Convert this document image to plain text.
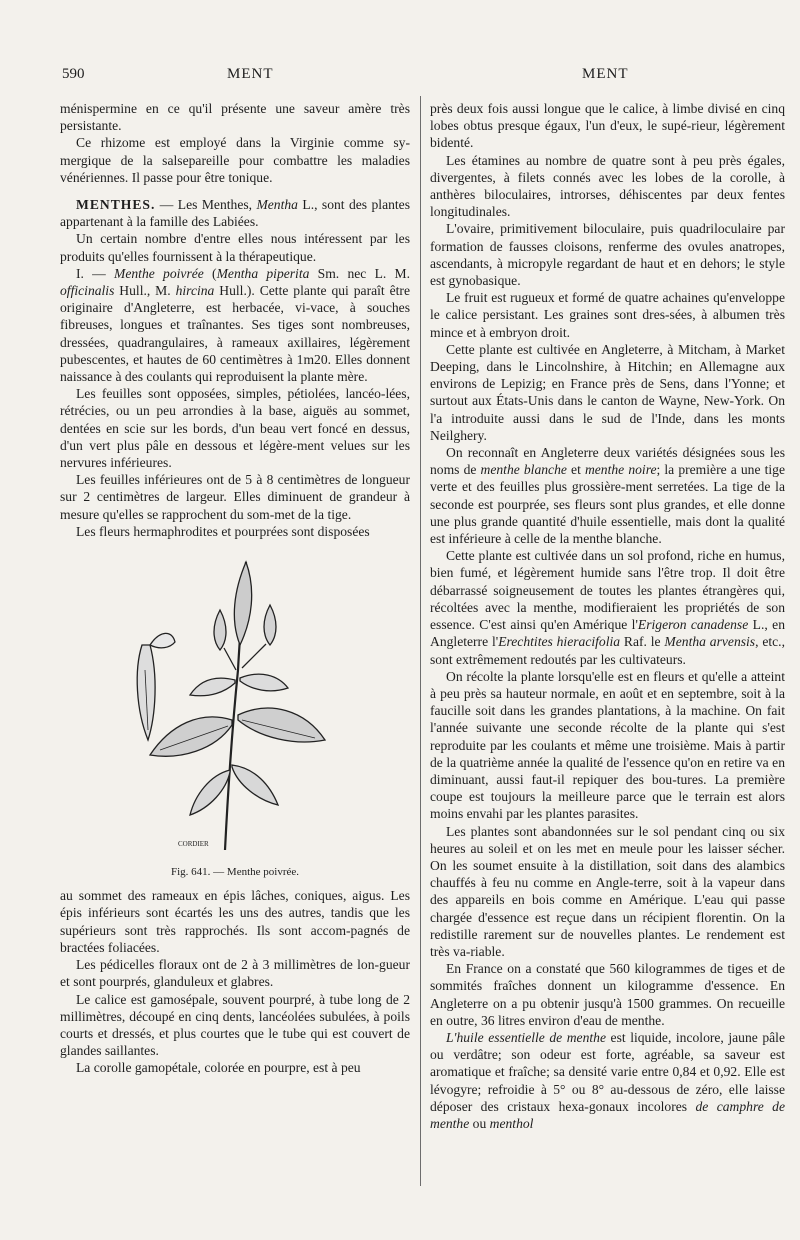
590	MENT	MENT

ménispermine en ce qu'il présente une saveur amère très persistante.

Ce rhizome est employé dans la Virginie comme sy-mergique de la salsepareille pour combattre les maladies vénériennes. Il passe pour être tonique.

MENTHES. — Les Menthes, Mentha L., sont des plantes appartenant à la famille des Labiées.

Un certain nombre d'entre elles nous intéressent par les produits qu'elles fournissent à la thérapeutique.

I. — Menthe poivrée (Mentha piperita Sm. nec L. M. officinalis Hull., M. hircina Hull.). Cette plante qui paraît être originaire d'Angleterre, est herbacée, vi-vace, à souches fibreuses, longues et traînantes. Ses tiges sont nombreuses, dressées, quadrangulaires, à rameaux axillaires, légèrement pubescentes, et hautes de 60 centimètres à 1m20. Elles donnent naissance à des coulants qui reproduisent la plante mère.

Les feuilles sont opposées, simples, pétiolées, lancéo-lées, rétrécies, ou un peu arrondies à la base, aiguës au sommet, dentées en scie sur les bords, d'un beau vert foncé en dessus, d'un vert plus pâle en dessous et légère-ment velues sur les nervures inférieures.

Les feuilles inférieures ont de 5 à 8 centimètres de longueur sur 2 centimètres de largeur. Elles diminuent de grandeur à mesure qu'elles se rapprochent du som-met de la tige.

Les fleurs hermaphrodites et pourprées sont disposées

CORDIER
Fig. 641. — Menthe poivrée.

au sommet des rameaux en épis lâches, coniques, aigus. Les épis inférieurs sont écartés les uns des autres, tandis que les supérieurs sont très rapprochés. Ils sont accom-pagnés de bractées foliacées.

Les pédicelles floraux ont de 2 à 3 millimètres de lon-gueur et sont pourprés, glanduleux et glabres.

Le calice est gamosépale, souvent pourpré, à tube long de 2 millimètres, découpé en cinq dents, lancéolées subulées, à poils courts et dressés, et plus courtes que le tube qui est couvert de glandes saillantes.

La corolle gamopétale, colorée en pourpre, est à peu

près deux fois aussi longue que le calice, à limbe divisé en cinq lobes obtus presque égaux, l'un d'eux, le supé-rieur, légèrement bidenté.

Les étamines au nombre de quatre sont à peu près égales, divergentes, à filets connés avec les lobes de la corolle, à anthères biloculaires, introrses, déhiscentes par deux fentes longitudinales.

L'ovaire, primitivement biloculaire, puis quadriloculaire par formation de fausses cloisons, renferme des ovules anatropes, ascendants, à micropyle regardant de haut et en dehors; le style est gynobasique.

Le fruit est rugueux et formé de quatre achaines qu'enveloppe le calice persistant. Les graines sont dres-sées, à albumen très mince et à embryon droit.

Cette plante est cultivée en Angleterre, à Mitcham, à Market Deeping, dans le Lincolnshire, à Hitchin; en Allemagne aux environs de Lepizig; en France près de Sens, dans l'Yonne; et surtout aux États-Unis dans le canton de Wayne, New-York. On l'a introduite aussi dans le sud de l'Inde, dans les monts Neilghery.

On reconnaît en Angleterre deux variétés désignées sous les noms de menthe blanche et menthe noire; la première a une tige verte et des feuilles plus grossière-ment serretées. La tige de la seconde est pourprée, ses fleurs sont plus grandes, et elle donne une plus grande quantité d'huile essentielle, mais dont la qualité est inférieure à celle de la menthe blanche.

Cette plante est cultivée dans un sol profond, riche en humus, bien fumé, et légèrement humide sans l'être trop. Il doit être débarrassé soigneusement de toutes les plantes étrangères qui, récoltées avec la menthe, modifieraient les propriétés de son essence. C'est ainsi qu'en Amérique l'Erigeron canadense L., en Angleterre l'Erechtites hieracifolia Raf. le Mentha arvensis, etc., sont extrêmement redoutés par les cultivateurs.

On récolte la plante lorsqu'elle est en fleurs et qu'elle a atteint à peu près sa hauteur normale, en août et en septembre, soit à la faucille soit dans les grandes plantations, à la machine. On fait l'année suivante une seconde récolte de la plante qui s'est reproduite par les coulants et même une troisième. Mais à partir de la quatrième année la qualité de l'essence qu'on en retire va en diminuant, aussi faut-il repiquer des bou-tures. La première coupe est toujours la meilleure parce que le terrain est alors moins envahi par les plantes parasites.

Les plantes sont abandonnées sur le sol pendant cinq ou six heures au soleil et on les met en meule pour les laisser sécher. On les soumet ensuite à la distillation, soit dans des alambics chauffés à feu nu comme en Angle-terre, soit à la vapeur dans des appareils en bois comme en Amérique. L'eau qui passe chargée d'essence est reçue dans un récipient florentin. On la redistille rarement sur de nouvelles plantes. Le rendement est très va-riable.

En France on a constaté que 560 kilogrammes de tiges et de sommités fraîches donnent un kilogramme d'essence. En Angleterre on a pu obtenir jusqu'à 1500 grammes. On recueille en outre, 36 litres environ d'eau de menthe.

L'huile essentielle de menthe est liquide, incolore, jaune pâle ou verdâtre; son odeur est forte, agréable, sa saveur est aromatique et fraîche; sa densité varie entre 0,84 et 0,92. Elle est lévogyre; refroidie à 5° ou 8° au-dessous de zéro, elle laisse déposer des cristaux hexa-gonaux incolores de camphre de menthe ou menthol
